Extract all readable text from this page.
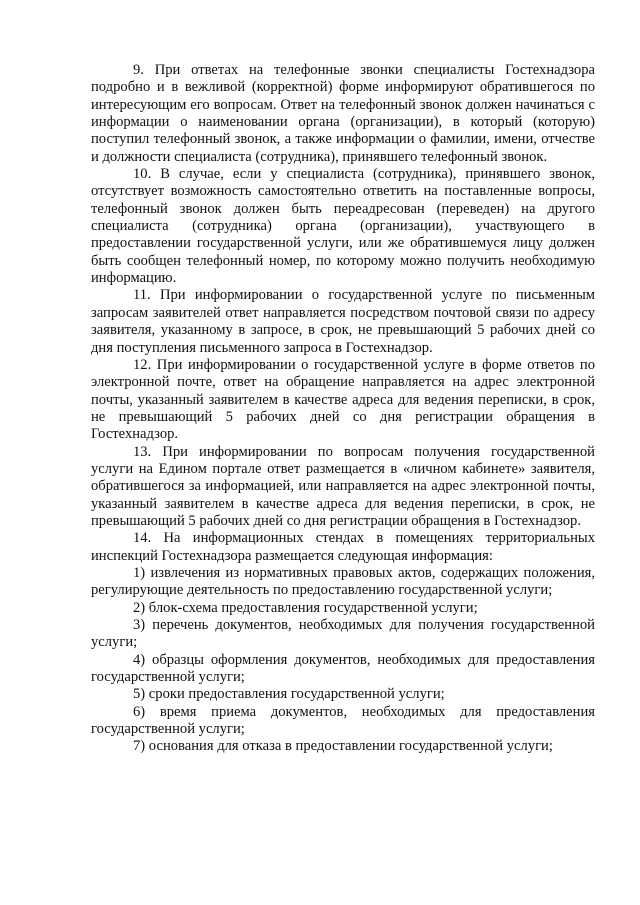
9. При ответах на телефонные звонки специалисты Гостехнадзора подробно и в вежливой (корректной) форме информируют обратившегося по интересующим его вопросам. Ответ на телефонный звонок должен начинаться с информации о наименовании органа (организации), в который (которую) поступил телефонный звонок, а также информации о фамилии, имени, отчестве и должности специалиста (сотрудника), принявшего телефонный звонок.

10. В случае, если у специалиста (сотрудника), принявшего звонок, отсутствует возможность самостоятельно ответить на поставленные вопросы, телефонный звонок должен быть переадресован (переведен) на другого специалиста (сотрудника) органа (организации), участвующего в предоставлении государственной услуги, или же обратившемуся лицу должен быть сообщен телефонный номер, по которому можно получить необходимую информацию.

11. При информировании о государственной услуге по письменным запросам заявителей ответ направляется посредством почтовой связи по адресу заявителя, указанному в запросе, в срок, не превышающий 5 рабочих дней со дня поступления письменного запроса в Гостехнадзор.

12. При информировании о государственной услуге в форме ответов по электронной почте, ответ на обращение направляется на адрес электронной почты, указанный заявителем в качестве адреса для ведения переписки, в срок, не превышающий 5 рабочих дней со дня регистрации обращения в Гостехнадзор.

13. При информировании по вопросам получения государственной услуги на Едином портале ответ размещается в «личном кабинете» заявителя, обратившегося за информацией, или направляется на адрес электронной почты, указанный заявителем в качестве адреса для ведения переписки, в срок, не превышающий 5 рабочих дней со дня регистрации обращения в Гостехнадзор.

14. На информационных стендах в помещениях территориальных инспекций Гостехнадзора размещается следующая информация:

1) извлечения из нормативных правовых актов, содержащих положения, регулирующие деятельность по предоставлению государственной услуги;

2) блок-схема предоставления государственной услуги;

3) перечень документов, необходимых для получения государственной услуги;

4) образцы оформления документов, необходимых для предоставления государственной услуги;

5) сроки предоставления государственной услуги;

6) время приема документов, необходимых для предоставления государственной услуги;

7) основания для отказа в предоставлении государственной услуги;
